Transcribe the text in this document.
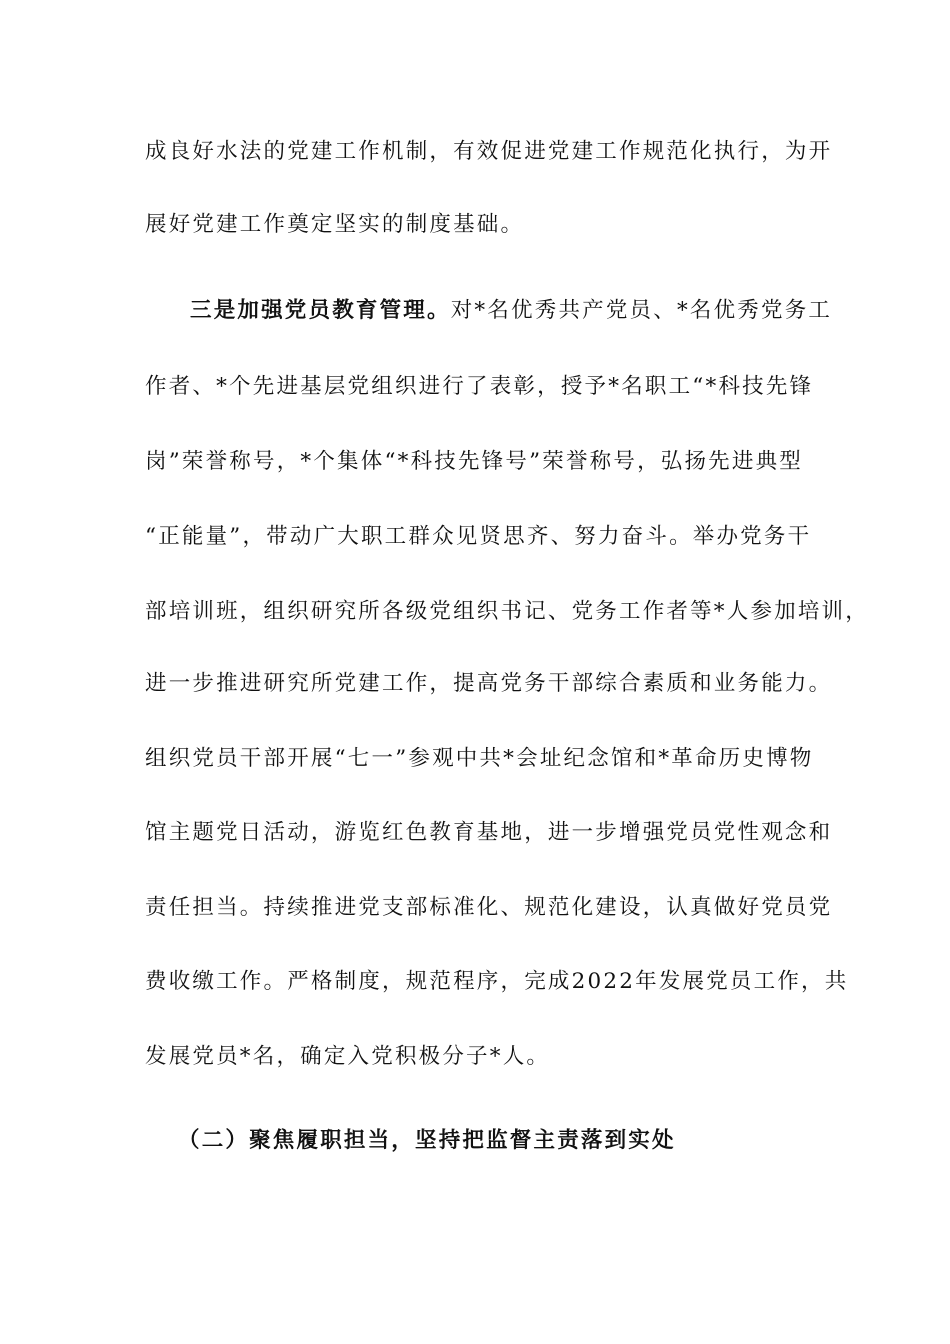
成良好水法的党建工作机制，有效促进党建工作规范化执行，为开
展好党建工作奠定坚实的制度基础。
三是加强党员教育管理。对*名优秀共产党员、*名优秀党务工
作者、*个先进基层党组织进行了表彰，授予*名职工“*科技先锋
岗”荣誉称号，*个集体“*科技先锋号”荣誉称号，弘扬先进典型
“正能量”，带动广大职工群众见贤思齐、努力奋斗。举办党务干
部培训班，组织研究所各级党组织书记、党务工作者等*人参加培训，
进一步推进研究所党建工作，提高党务干部综合素质和业务能力。
组织党员干部开展“七一”参观中共*会址纪念馆和*革命历史博物
馆主题党日活动，游览红色教育基地，进一步增强党员党性观念和
责任担当。持续推进党支部标准化、规范化建设，认真做好党员党
费收缴工作。严格制度，规范程序，完成2022年发展党员工作，共
发展党员*名，确定入党积极分子*人。
（二）聚焦履职担当，坚持把监督主责落到实处
